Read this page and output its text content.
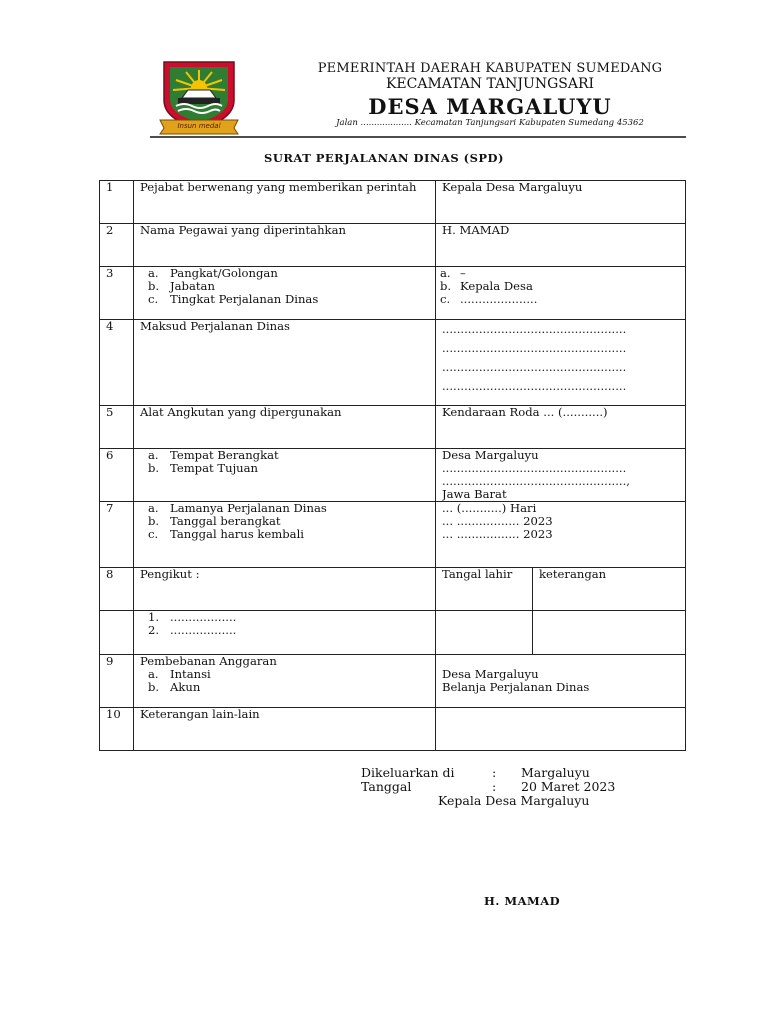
Insun medal
PEMERINTAH DAERAH KABUPATEN SUMEDANG
KECAMATAN TANJUNGSARI
DESA MARGALUYU
Jalan ................... Kecamatan Tanjungsari Kabupaten Sumedang 45362
SURAT PERJALANAN DINAS (SPD)
1	Pejabat berwenang yang memberikan perintah	Kepala Desa Margaluyu	
2	Nama Pegawai yang diperintahkan	H. MAMAD	
3	a. Pangkat/Golongan
b. Jabatan
c. Tingkat Perjalanan Dinas	a. –
b. Kepala Desa
c. .....................	

4	Maksud Perjalanan Dinas	..................................................
..................................................
..................................................
..................................................	

5	Alat Angkutan yang dipergunakan	Kendaraan Roda ... (...........)	
6	a. Tempat Berangkat
b. Tempat Tujuan	Desa Margaluyu
..................................................
..................................................,
Jawa Barat	

7	a. Lamanya Perjalanan Dinas
b. Tanggal berangkat
c. Tanggal harus kembali	... (...........) Hari
... ................. 2023
... ................. 2023	

8	Pengikut :	Tangal lahir	keterangan

	1. ..................
2. ..................		

9	Pembebanan Anggaran
a. Intansi
b. Akun	Desa Margaluyu
Belanja Perjalanan Dinas	

10	Keterangan lain-lain		
Dikeluarkan di	: Margaluyu
Tanggal	: 20 Maret 2023
Kepala Desa Margaluyu
H. MAMAD
